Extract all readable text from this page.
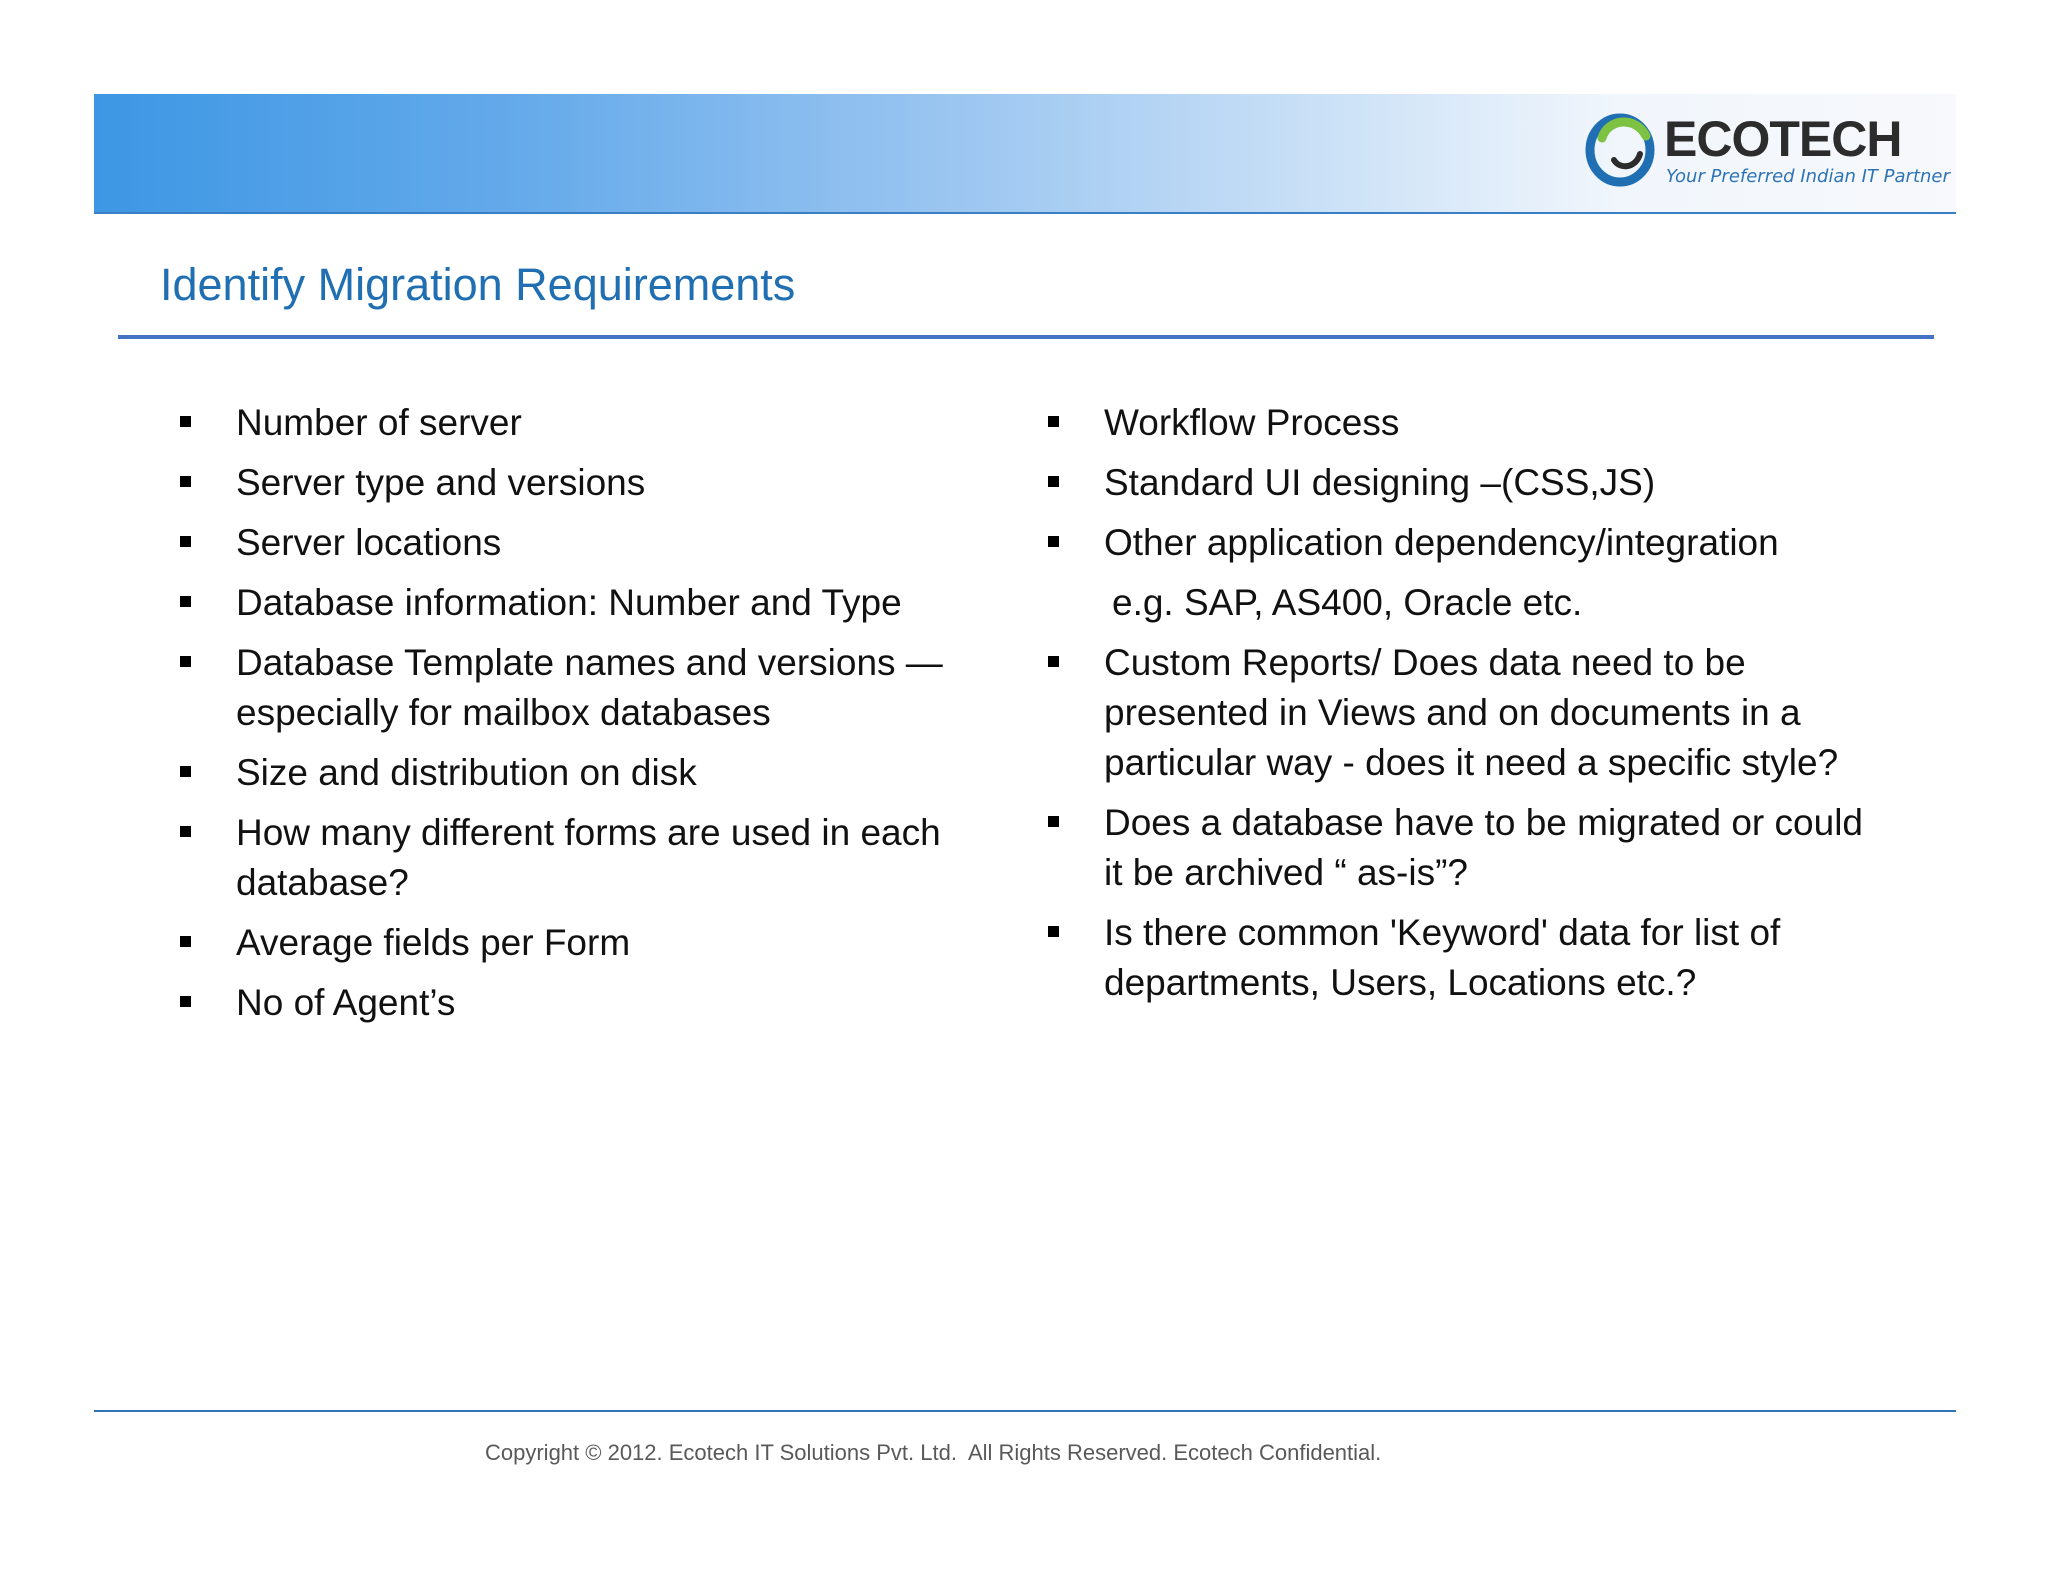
ECOTECH
Your Preferred Indian IT Partner
Identify Migration Requirements
Number of server
Server type and versions
Server locations
Database information: Number and Type
Database Template names and versions — especially for mailbox databases
Size and distribution on disk
How many different forms are used in each database?
Average fields per Form
No of Agent’s
Workflow Process
Standard UI designing –(CSS,JS)
Other application dependency/integration
e.g. SAP, AS400, Oracle etc.
Custom Reports/ Does data need to be presented in Views and on documents in a particular way - does it need a specific style?
Does a database have to be migrated or could it be archived “ as-is”?
Is there common 'Keyword' data for list of departments, Users, Locations etc.?
Copyright © 2012. Ecotech IT Solutions Pvt. Ltd.  All Rights Reserved. Ecotech Confidential.
